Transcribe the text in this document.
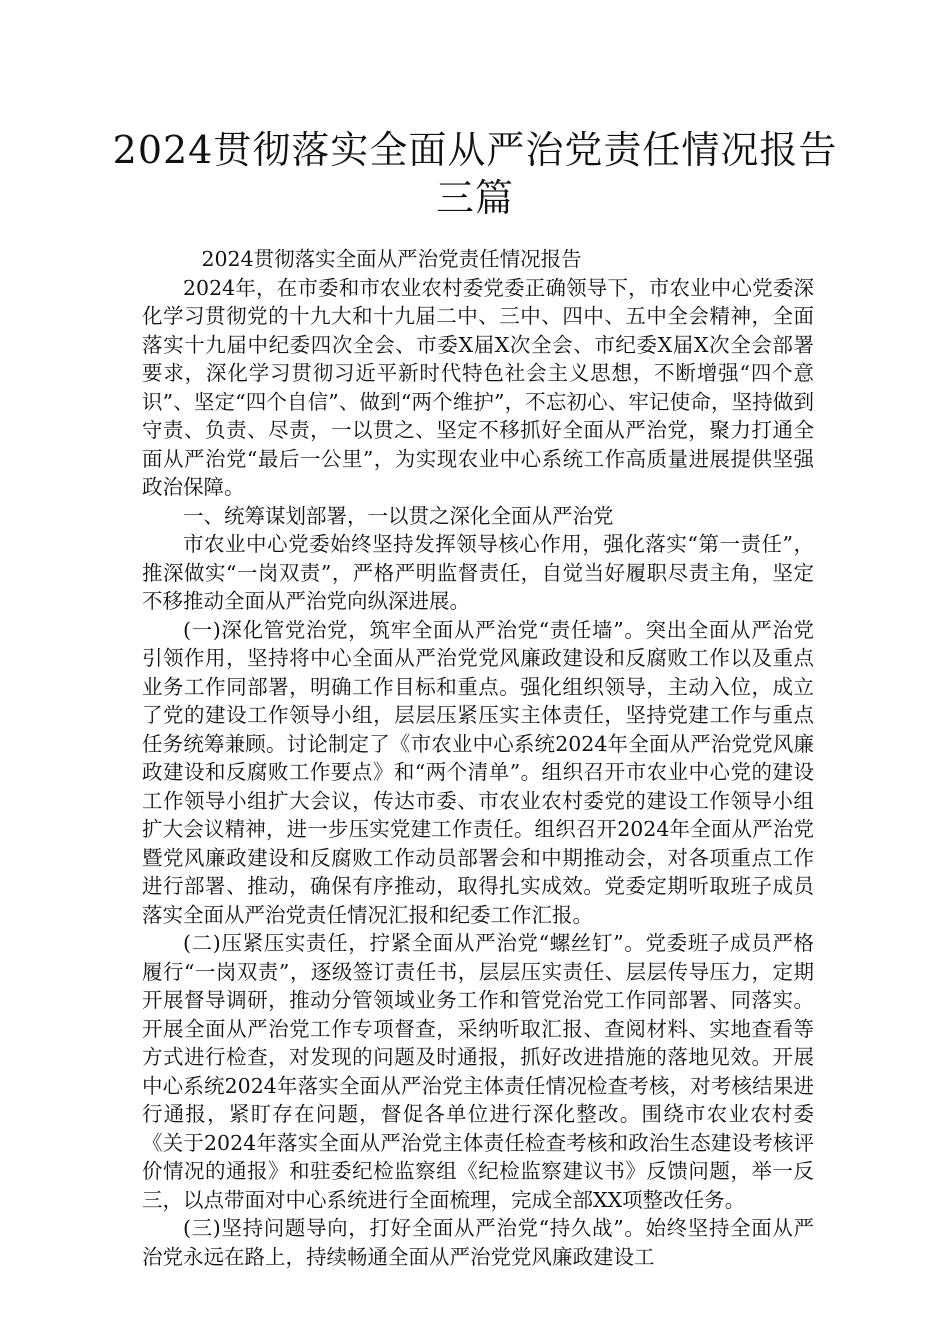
2024贯彻落实全面从严治党责任情况报告
三篇

2024贯彻落实全面从严治党责任情况报告

2024年，在市委和市农业农村委党委正确领导下，市农业中心党委深化学习贯彻党的十九大和十九届二中、三中、四中、五中全会精神，全面落实十九届中纪委四次全会、市委X届X次全会、市纪委X届X次全会部署要求，深化学习贯彻习近平新时代特色社会主义思想，不断增强“四个意识”、坚定“四个自信”、做到“两个维护”，不忘初心、牢记使命，坚持做到守责、负责、尽责，一以贯之、坚定不移抓好全面从严治党，聚力打通全面从严治党“最后一公里”，为实现农业中心系统工作高质量进展提供坚强政治保障。

一、统筹谋划部署，一以贯之深化全面从严治党

市农业中心党委始终坚持发挥领导核心作用，强化落实“第一责任”，推深做实“一岗双责”，严格严明监督责任，自觉当好履职尽责主角，坚定不移推动全面从严治党向纵深进展。

(一)深化管党治党，筑牢全面从严治党“责任墙”。突出全面从严治党引领作用，坚持将中心全面从严治党党风廉政建设和反腐败工作以及重点业务工作同部署，明确工作目标和重点。强化组织领导，主动入位，成立了党的建设工作领导小组，层层压紧压实主体责任，坚持党建工作与重点任务统筹兼顾。讨论制定了《市农业中心系统2024年全面从严治党党风廉政建设和反腐败工作要点》和“两个清单”。组织召开市农业中心党的建设工作领导小组扩大会议，传达市委、市农业农村委党的建设工作领导小组扩大会议精神，进一步压实党建工作责任。组织召开2024年全面从严治党暨党风廉政建设和反腐败工作动员部署会和中期推动会，对各项重点工作进行部署、推动，确保有序推动，取得扎实成效。党委定期听取班子成员落实全面从严治党责任情况汇报和纪委工作汇报。

(二)压紧压实责任，拧紧全面从严治党“螺丝钉”。党委班子成员严格履行“一岗双责”，逐级签订责任书，层层压实责任、层层传导压力，定期开展督导调研，推动分管领域业务工作和管党治党工作同部署、同落实。开展全面从严治党工作专项督查，采纳听取汇报、查阅材料、实地查看等方式进行检查，对发现的问题及时通报，抓好改进措施的落地见效。开展中心系统2024年落实全面从严治党主体责任情况检查考核，对考核结果进行通报，紧盯存在问题，督促各单位进行深化整改。围绕市农业农村委《关于2024年落实全面从严治党主体责任检查考核和政治生态建设考核评价情况的通报》和驻委纪检监察组《纪检监察建议书》反馈问题，举一反三，以点带面对中心系统进行全面梳理，完成全部XX项整改任务。

(三)坚持问题导向，打好全面从严治党“持久战”。始终坚持全面从严治党永远在路上，持续畅通全面从严治党党风廉政建设工
